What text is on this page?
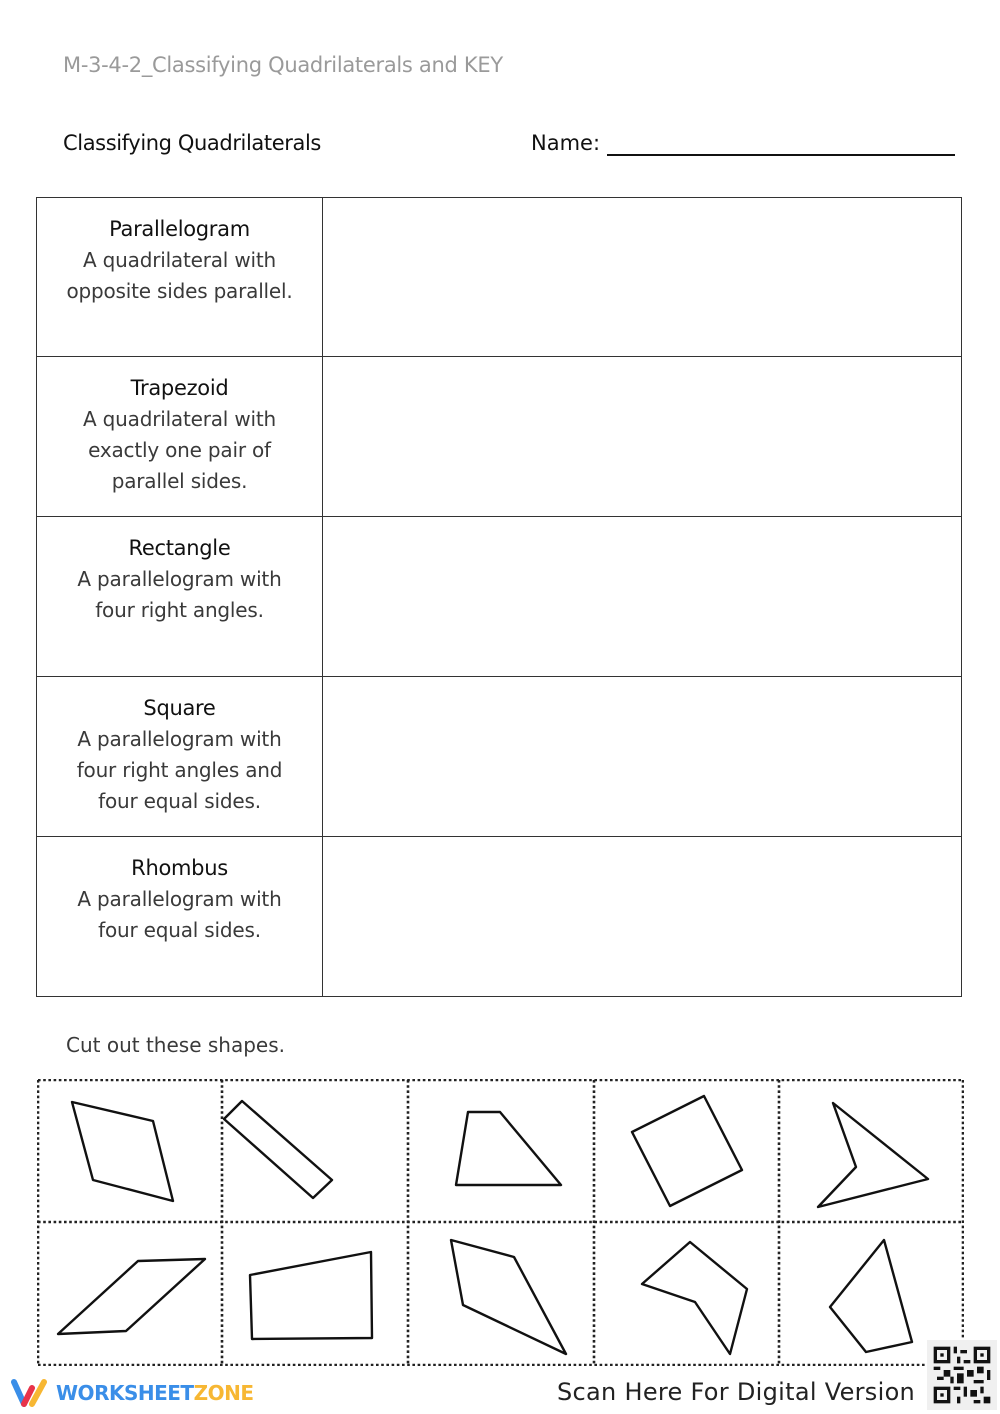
M-3-4-2_Classifying Quadrilaterals and KEY
Classifying Quadrilaterals	Name:
Parallelogram
A quadrilateral with
opposite sides parallel.	

Trapezoid
A quadrilateral with
exactly one pair of
parallel sides.	

Rectangle
A parallelogram with
four right angles.	

Square
A parallelogram with
four right angles and
four equal sides.	

Rhombus
A parallelogram with
four equal sides.	

Cut out these shapes.
WORKSHEETZONE	Scan Here For Digital Version
